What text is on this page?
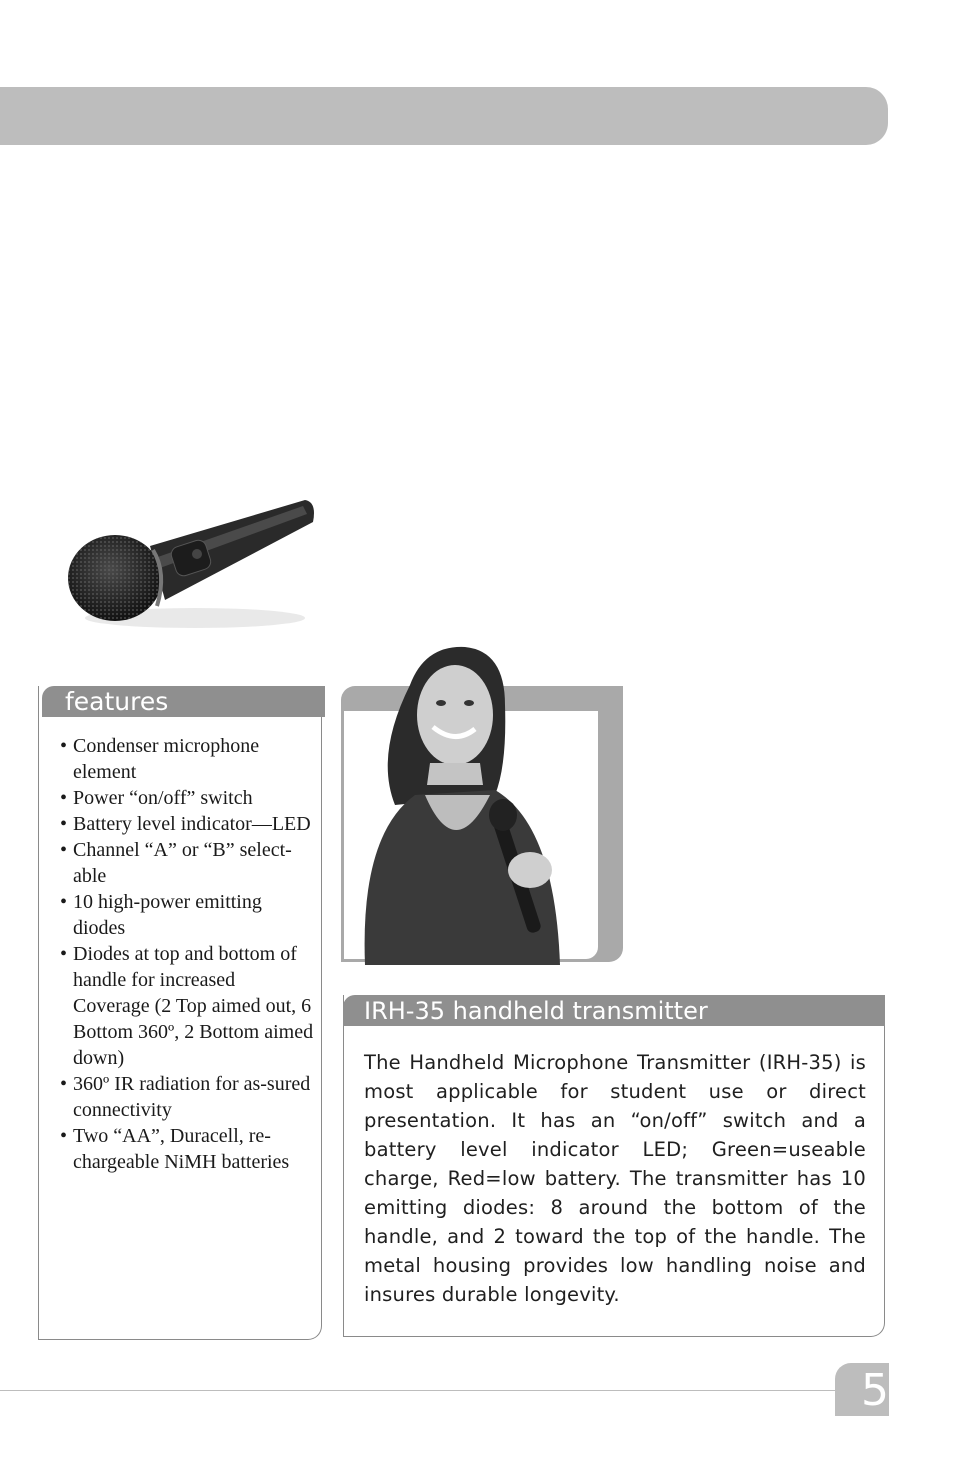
features
• Condenser microphone element
• Power “on/off” switch
• Battery level indicator—LED
• Channel “A” or “B” select-able
• 10 high-power emitting diodes
• Diodes at top and bottom of handle for increased Coverage (2 Top aimed out, 6 Bottom 360º, 2 Bottom aimed down)
• 360º IR radiation for as-sured connectivity
• Two “AA”, Duracell, re-chargeable NiMH batteries
IRH-35 handheld transmitter

The Handheld Microphone Transmitter (IRH-35) is most applicable for student use or direct presentation. It has an “on/off” switch and a battery level indicator LED; Green=useable charge, Red=low battery. The transmitter has 10 emitting diodes: 8 around the bottom of the handle, and 2 toward the top of the handle. The metal housing provides low handling noise and insures durable longevity.

5
